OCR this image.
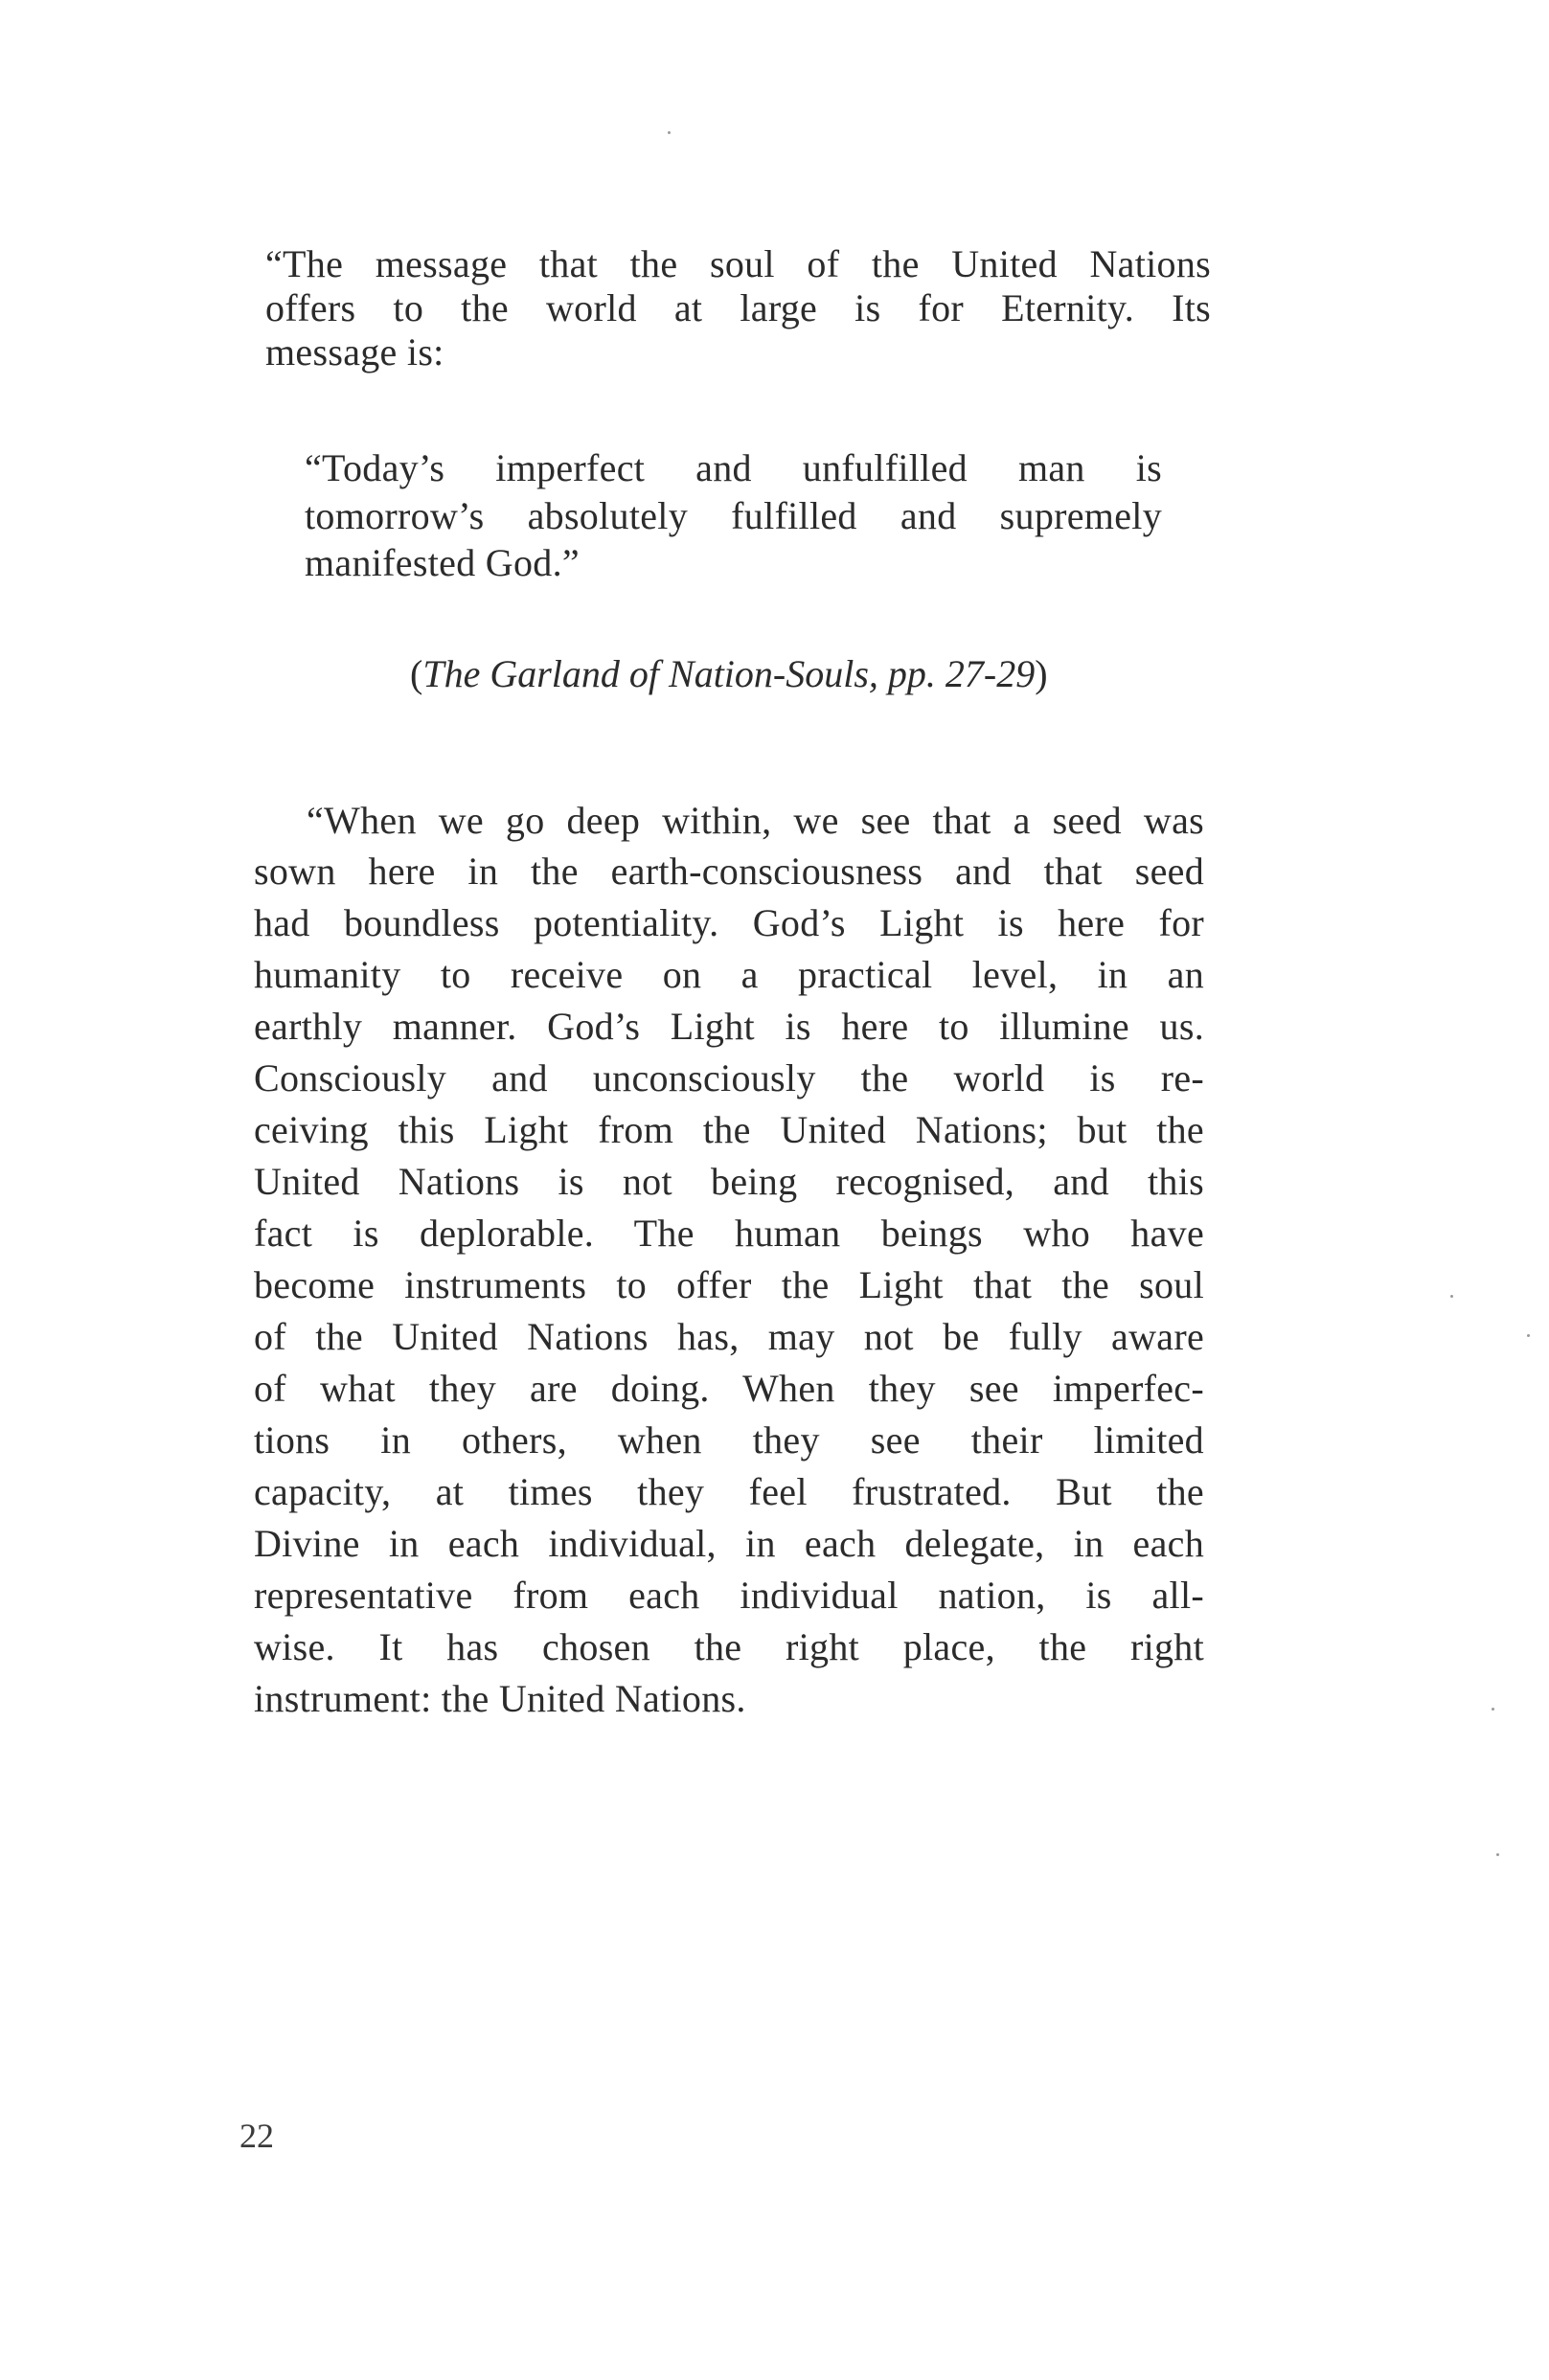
“The message that the soul of the United Nations
offers to the world at large is for Eternity. Its
message is:
“Today’s imperfect and unfulfilled man is
tomorrow’s absolutely fulfilled and supremely
manifested God.”
(The Garland of Nation-Souls, pp. 27-29)
“When we go deep within, we see that a seed was
sown here in the earth-consciousness and that seed
had boundless potentiality. God’s Light is here for
humanity to receive on a practical level, in an
earthly manner. God’s Light is here to illumine us.
Consciously and unconsciously the world is re-
ceiving this Light from the United Nations; but the
United Nations is not being recognised, and this
fact is deplorable. The human beings who have
become instruments to offer the Light that the soul
of the United Nations has, may not be fully aware
of what they are doing. When they see imperfec-
tions in others, when they see their limited
capacity, at times they feel frustrated. But the
Divine in each individual, in each delegate, in each
representative from each individual nation, is all-
wise. It has chosen the right place, the right
instrument: the United Nations.
22
